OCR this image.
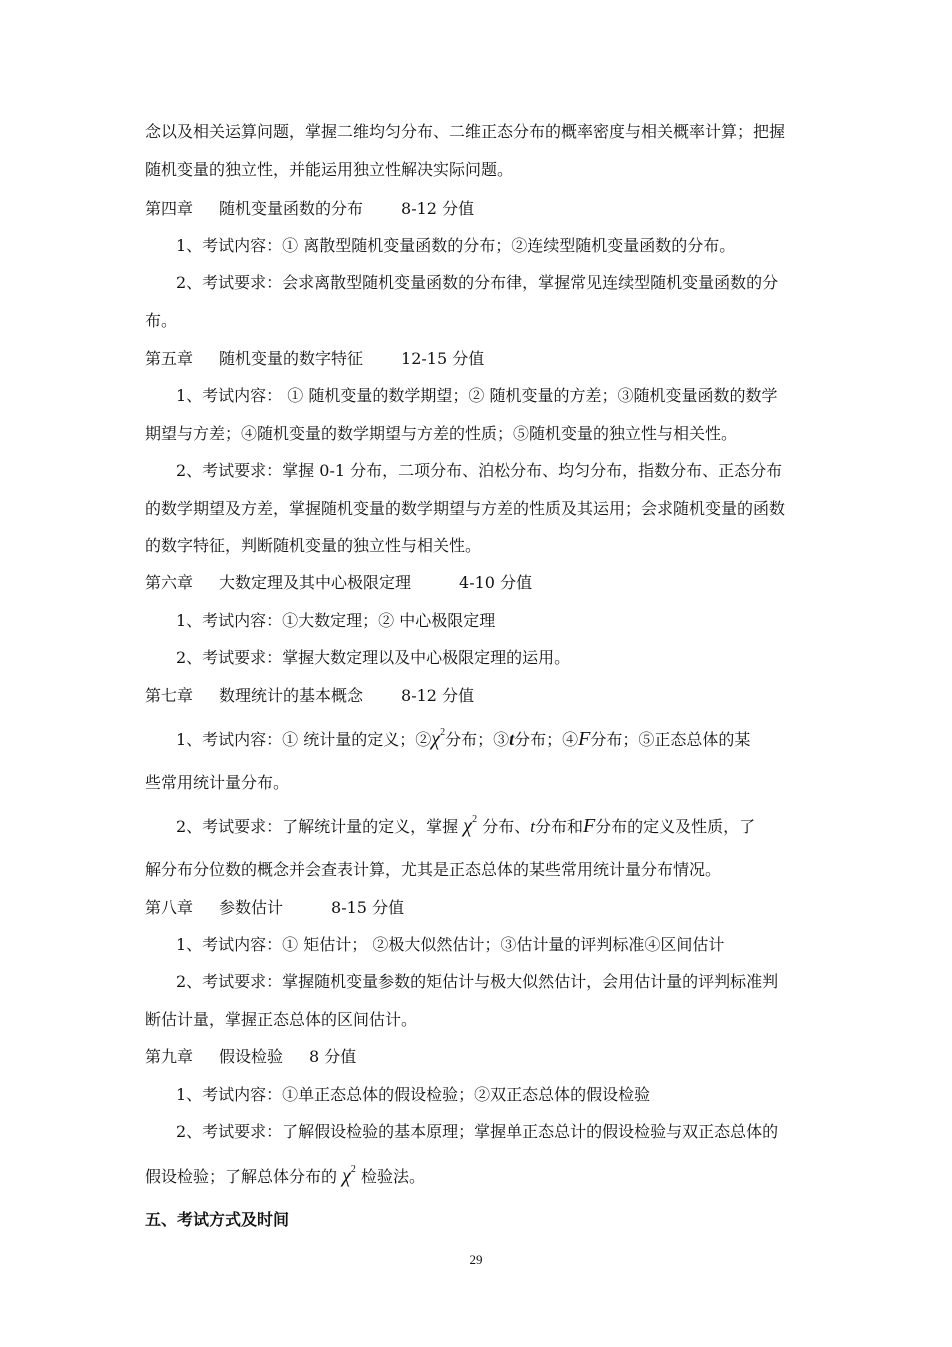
念以及相关运算问题，掌握二维均匀分布、二维正态分布的概率密度与相关概率计算；把握
随机变量的独立性，并能运用独立性解决实际问题。
第四章 随机变量函数的分布 8-12 分值
1、考试内容：① 离散型随机变量函数的分布；②连续型随机变量函数的分布。
2、考试要求：会求离散型随机变量函数的分布律，掌握常见连续型随机变量函数的分
布。
第五章 随机变量的数字特征 12-15 分值
1、考试内容： ① 随机变量的数学期望；② 随机变量的方差；③随机变量函数的数学
期望与方差；④随机变量的数学期望与方差的性质；⑤随机变量的独立性与相关性。
2、考试要求：掌握 0-1 分布，二项分布、泊松分布、均匀分布，指数分布、正态分布
的数学期望及方差，掌握随机变量的数学期望与方差的性质及其运用；会求随机变量的函数
的数字特征，判断随机变量的独立性与相关性。
第六章 大数定理及其中心极限定理	4-10 分值
1、考试内容：①大数定理；② 中心极限定理
2、考试要求：掌握大数定理以及中心极限定理的运用。
第七章 数理统计的基本概念 8-12 分值
1、考试内容：① 统计量的定义；$②\chi^2$分布；③t分布；④F分布；⑤正态总体的某
些常用统计量分布。
2、考试要求：了解统计量的定义，掌握 $\chi^2$ 分布、t分布和F分布的定义及性质，了
解分布分位数的概念并会查表计算，尤其是正态总体的某些常用统计量分布情况。
第八章 参数估计	8-15 分值
1、考试内容：① 矩估计； ②极大似然估计；③估计量的评判标准④区间估计
2、考试要求：掌握随机变量参数的矩估计与极大似然估计，会用估计量的评判标准判
断估计量，掌握正态总体的区间估计。
第九章 假设检验 8 分值
1、考试内容：①单正态总体的假设检验；②双正态总体的假设检验
2、考试要求：了解假设检验的基本原理；掌握单正态总计的假设检验与双正态总体的
假设检验；了解总体分布的 $\chi^2$ 检验法。
五、考试方式及时间
29
